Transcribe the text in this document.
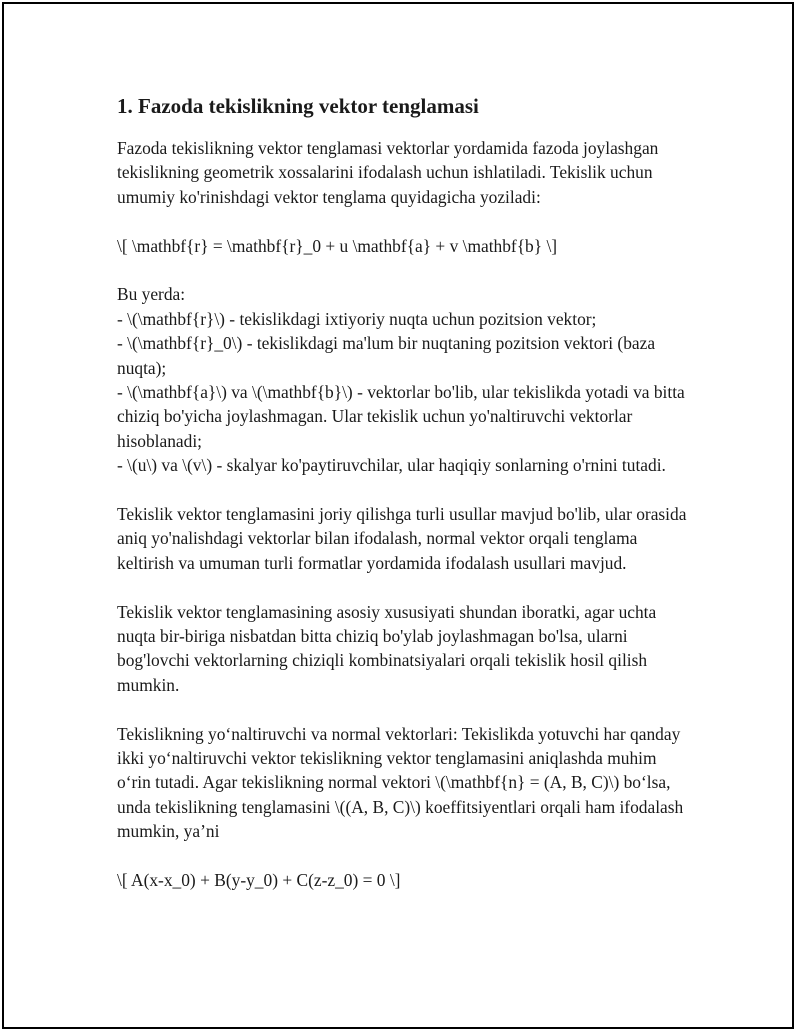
1. Fazoda tekislikning vektor tenglamasi

Fazoda tekislikning vektor tenglamasi vektorlar yordamida fazoda joylashgan tekislikning geometrik xossalarini ifodalash uchun ishlatiladi. Tekislik uchun umumiy ko'rinishdagi vektor tenglama quyidagicha yoziladi:

\[ \mathbf{r} = \mathbf{r}_0 + u \mathbf{a} + v \mathbf{b} \]

Bu yerda:
- \(\mathbf{r}\) - tekislikdagi ixtiyoriy nuqta uchun pozitsion vektor;
- \(\mathbf{r}_0\) - tekislikdagi ma'lum bir nuqtaning pozitsion vektori (baza nuqta);
- \(\mathbf{a}\) va \(\mathbf{b}\) - vektorlar bo'lib, ular tekislikda yotadi va bitta chiziq bo'yicha joylashmagan. Ular tekislik uchun yo'naltiruvchi vektorlar hisoblanadi;
- \(u\) va \(v\) - skalyar ko'paytiruvchilar, ular haqiqiy sonlarning o'rnini tutadi.

Tekislik vektor tenglamasini joriy qilishga turli usullar mavjud bo'lib, ular orasida aniq yo'nalishdagi vektorlar bilan ifodalash, normal vektor orqali tenglama keltirish va umuman turli formatlar yordamida ifodalash usullari mavjud.

Tekislik vektor tenglamasining asosiy xususiyati shundan iboratki, agar uchta nuqta bir-biriga nisbatdan bitta chiziq bo'ylab joylashmagan bo'lsa, ularni bog'lovchi vektorlarning chiziqli kombinatsiyalari orqali tekislik hosil qilish mumkin.

Tekislikning yo‘naltiruvchi va normal vektorlari: Tekislikda yotuvchi har qanday ikki yo‘naltiruvchi vektor tekislikning vektor tenglamasini aniqlashda muhim o‘rin tutadi. Agar tekislikning normal vektori \(\mathbf{n} = (A, B, C)\) bo‘lsa, unda tekislikning tenglamasini \((A, B, C)\) koeffitsiyentlari orqali ham ifodalash mumkin, ya’ni

\[ A(x-x_0) + B(y-y_0) + C(z-z_0) = 0 \]
